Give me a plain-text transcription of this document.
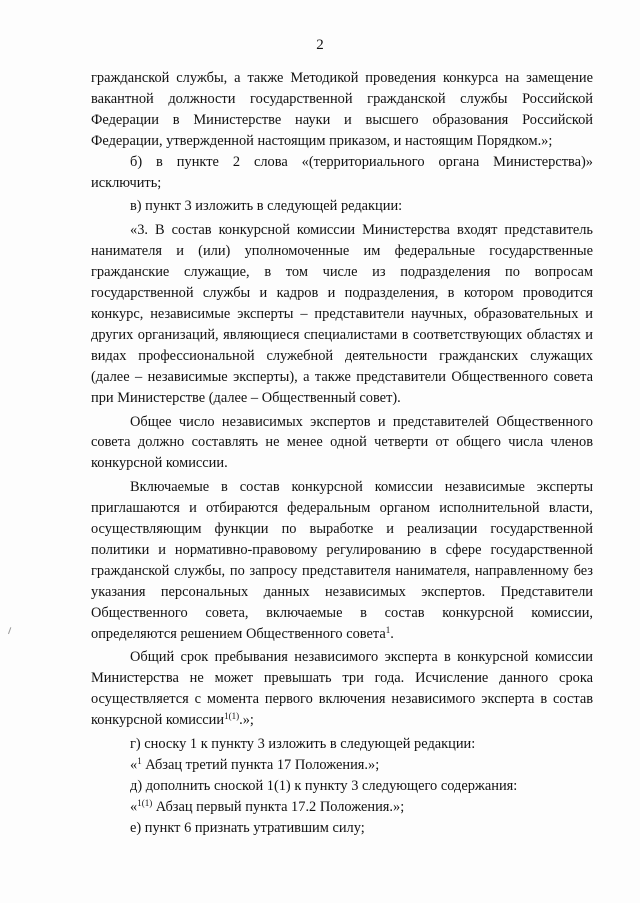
2

гражданской службы, а также Методикой проведения конкурса на замещение вакантной должности государственной гражданской службы Российской Федерации в Министерстве науки и высшего образования Российской Федерации, утвержденной настоящим приказом, и настоящим Порядком.»;

б) в пункте 2 слова «(территориального органа Министерства)» исключить;

в) пункт 3 изложить в следующей редакции:

«3. В состав конкурсной комиссии Министерства входят представитель нанимателя и (или) уполномоченные им федеральные государственные гражданские служащие, в том числе из подразделения по вопросам государственной службы и кадров и подразделения, в котором проводится конкурс, независимые эксперты – представители научных, образовательных и других организаций, являющиеся специалистами в соответствующих областях и видах профессиональной служебной деятельности гражданских служащих (далее – независимые эксперты), а также представители Общественного совета при Министерстве (далее – Общественный совет).

Общее число независимых экспертов и представителей Общественного совета должно составлять не менее одной четверти от общего числа членов конкурсной комиссии.

Включаемые в состав конкурсной комиссии независимые эксперты приглашаются и отбираются федеральным органом исполнительной власти, осуществляющим функции по выработке и реализации государственной политики и нормативно-правовому регулированию в сфере государственной гражданской службы, по запросу представителя нанимателя, направленному без указания персональных данных независимых экспертов. Представители Общественного совета, включаемые в состав конкурсной комиссии, определяются решением Общественного совета$^1$.

Общий срок пребывания независимого эксперта в конкурсной комиссии Министерства не может превышать три года. Исчисление данного срока осуществляется с момента первого включения независимого эксперта в состав конкурсной комиссии$^{1(1)}$.»;

г) сноску 1 к пункту 3 изложить в следующей редакции:

«$^1$ Абзац третий пункта 17 Положения.»;

д) дополнить сноской 1(1) к пункту 3 следующего содержания:

«$^{1(1)}$ Абзац первый пункта 17.2 Положения.»;

е) пункт 6 признать утратившим силу;
